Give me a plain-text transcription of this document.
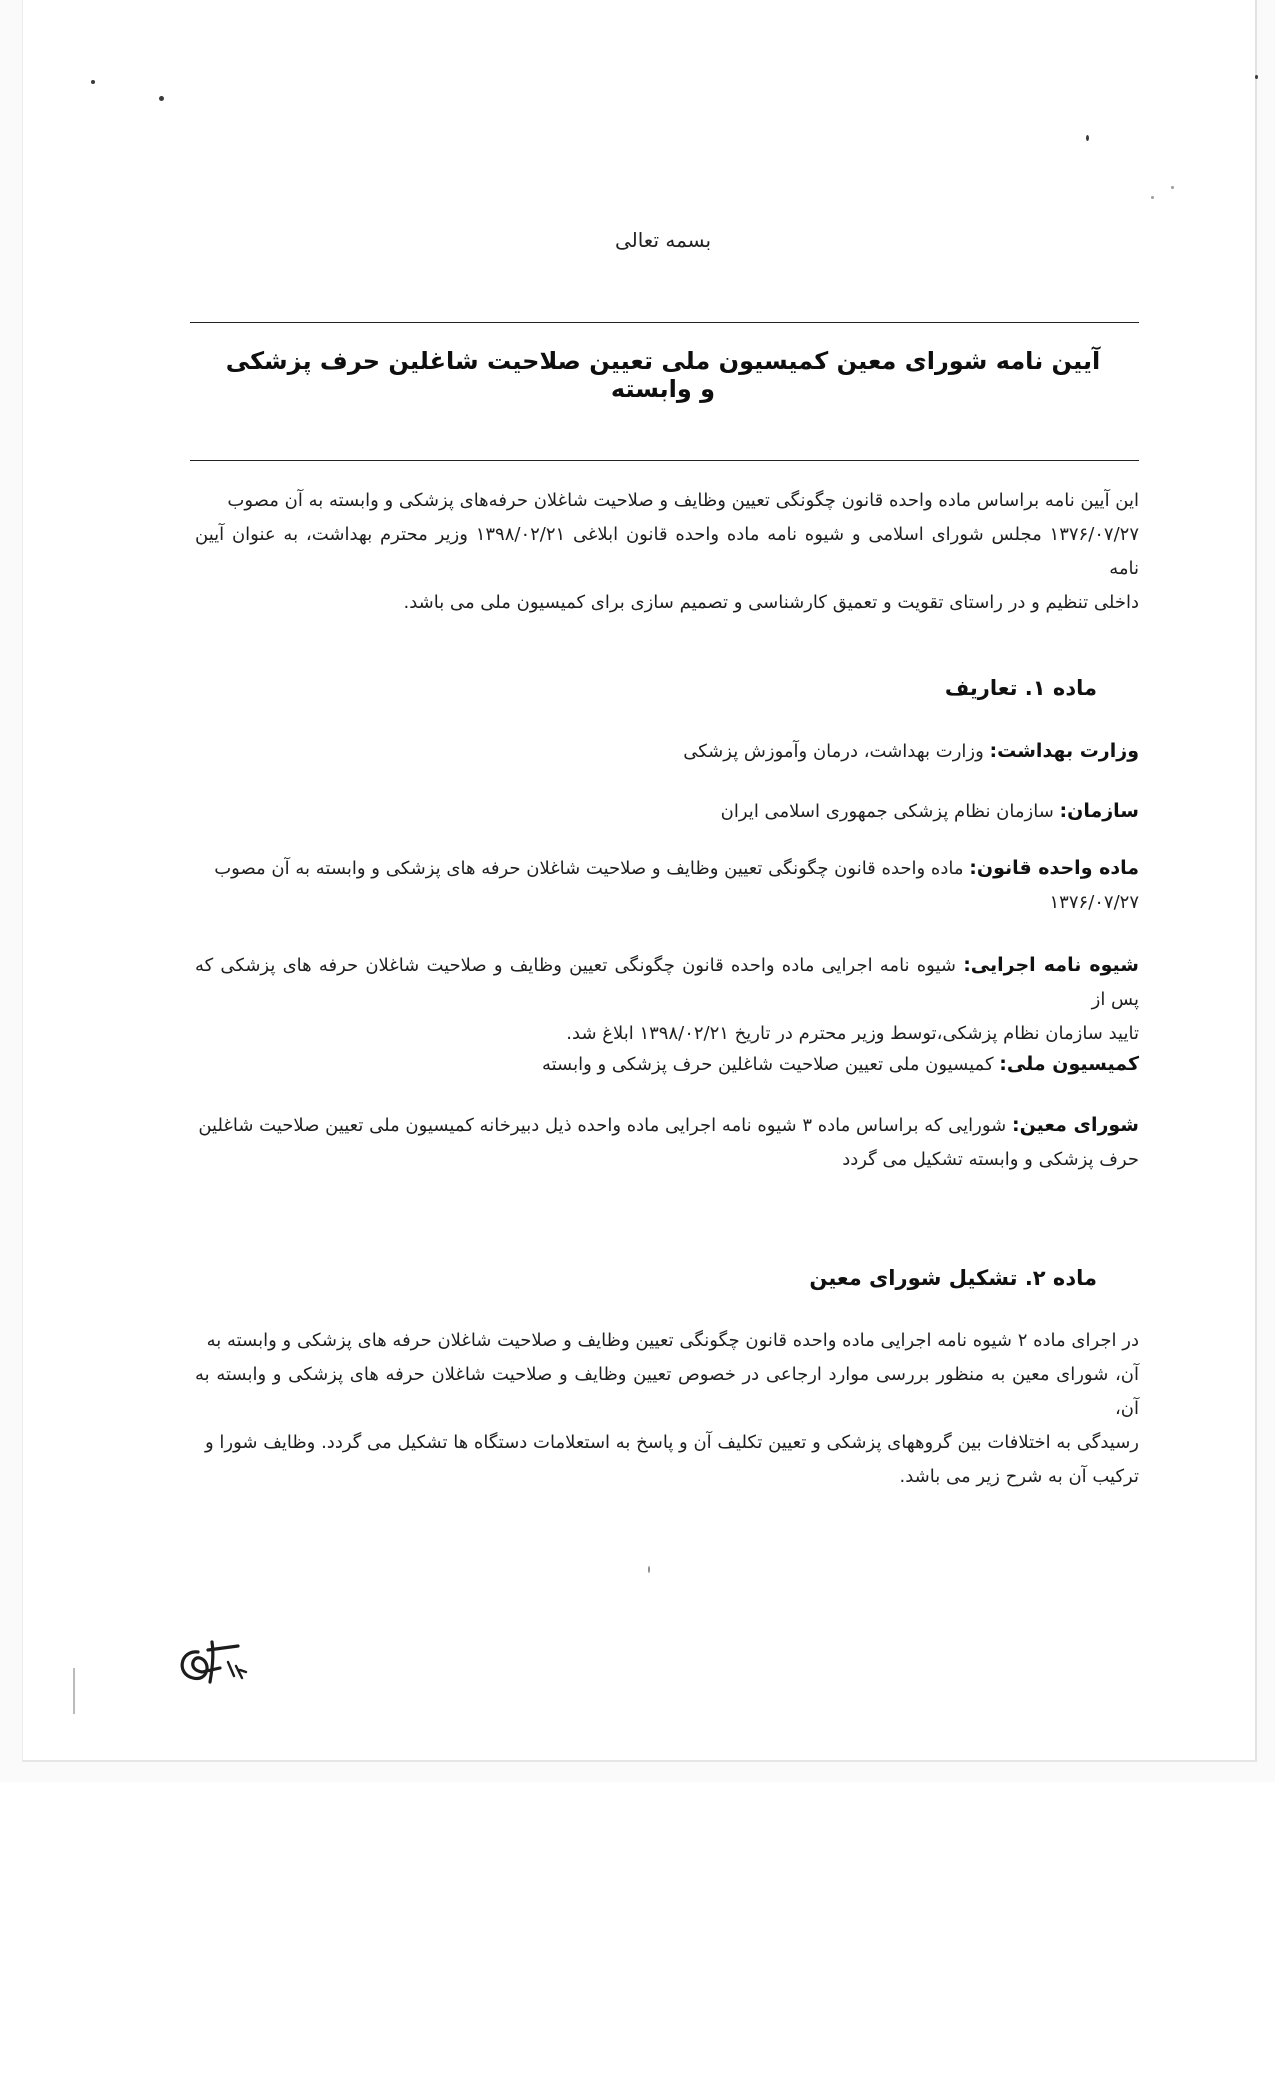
بسمه تعالی
آیین نامه شورای معین کمیسیون ملی تعیین صلاحیت شاغلین حرف پزشکی و وابسته
این آیین نامه براساس ماده واحده قانون چگونگی تعیین وظایف و صلاحیت شاغلان حرفه‌های پزشکی و وابسته به آن مصوب
۱۳۷۶/۰۷/۲۷ مجلس شورای اسلامی و شیوه نامه ماده واحده قانون ابلاغی ۱۳۹۸/۰۲/۲۱ وزیر محترم بهداشت، به عنوان آیین نامه
داخلی تنظیم و در راستای تقویت و تعمیق کارشناسی و تصمیم سازی برای کمیسیون ملی می باشد.
ماده ۱. تعاریف
وزارت بهداشت: وزارت بهداشت، درمان وآموزش پزشکی
سازمان: سازمان نظام پزشکی جمهوری اسلامی ایران
ماده واحده قانون: ماده واحده قانون چگونگی تعیین وظایف و صلاحیت شاغلان حرفه های پزشکی و وابسته به آن مصوب
۱۳۷۶/۰۷/۲۷
شیوه نامه اجرایی: شیوه نامه اجرایی ماده واحده قانون چگونگی تعیین وظایف و صلاحیت شاغلان حرفه های پزشکی که پس از
تایید سازمان نظام پزشکی،توسط وزیر محترم در تاریخ ۱۳۹۸/۰۲/۲۱ ابلاغ شد.
کمیسیون ملی: کمیسیون ملی تعیین صلاحیت شاغلین حرف پزشکی و وابسته
شورای معین: شورایی که براساس ماده ۳ شیوه نامه اجرایی ماده واحده ذیل دبیرخانه کمیسیون ملی تعیین صلاحیت شاغلین
حرف پزشکی و وابسته تشکیل می گردد
ماده ۲. تشکیل شورای معین
در اجرای ماده ۲ شیوه نامه اجرایی ماده واحده قانون چگونگی تعیین وظایف و صلاحیت شاغلان حرفه های پزشکی و وابسته به
آن، شورای معین به منظور بررسی موارد ارجاعی در خصوص تعیین وظایف و صلاحیت شاغلان حرفه های پزشکی و وابسته به آن،
رسیدگی به اختلافات بین گروههای پزشکی و تعیین تکلیف آن و پاسخ به استعلامات دستگاه ها تشکیل می گردد. وظایف شورا و
ترکیب آن به شرح زیر می باشد.
